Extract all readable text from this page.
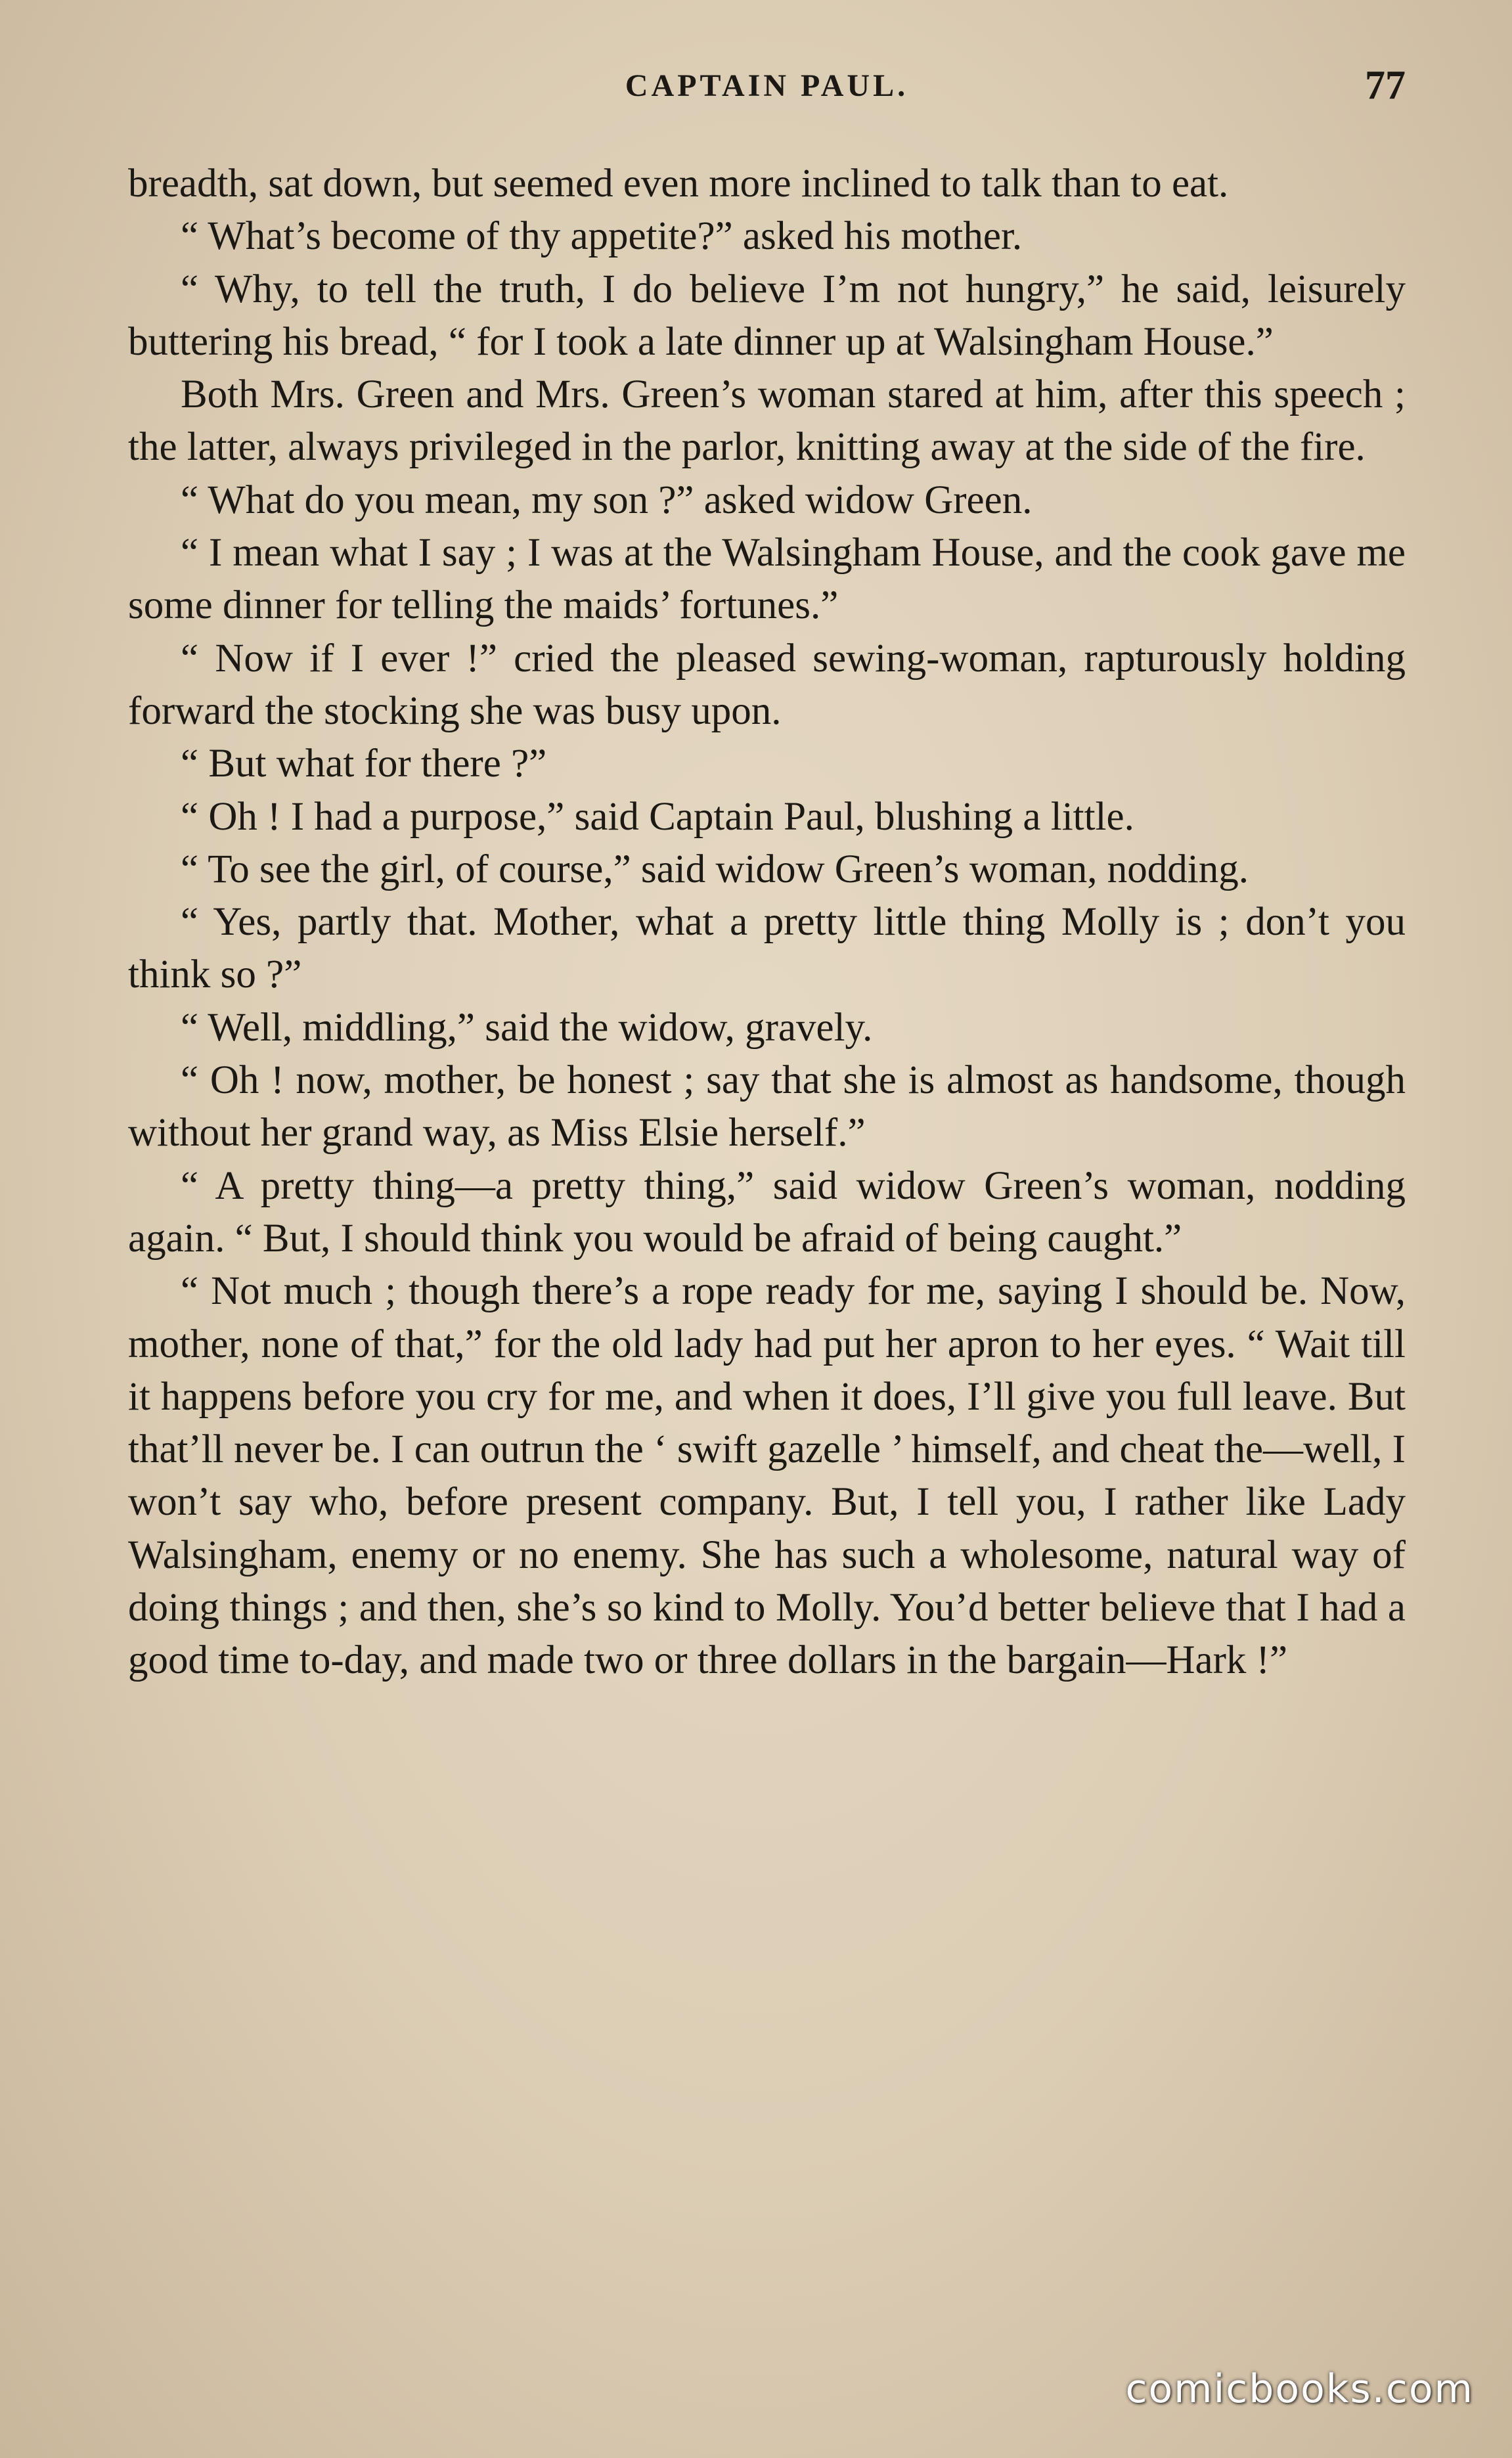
CAPTAIN PAUL.	77

breadth, sat down, but seemed even more inclined to talk than to eat.

“ What’s become of thy appetite?” asked his mother.

“ Why, to tell the truth, I do believe I’m not hungry,” he said, leisurely buttering his bread, “ for I took a late dinner up at Walsingham House.”

Both Mrs. Green and Mrs. Green’s woman stared at him, after this speech ; the latter, always privileged in the parlor, knitting away at the side of the fire.

“ What do you mean, my son ?” asked widow Green.

“ I mean what I say ; I was at the Walsingham House, and the cook gave me some dinner for telling the maids’ fortunes.”

“ Now if I ever !” cried the pleased sewing-woman, rapturously holding forward the stocking she was busy upon.

“ But what for there ?”

“ Oh ! I had a purpose,” said Captain Paul, blushing a little.

“ To see the girl, of course,” said widow Green’s woman, nodding.

“ Yes, partly that. Mother, what a pretty little thing Molly is ; don’t you think so ?”

“ Well, middling,” said the widow, gravely.

“ Oh ! now, mother, be honest ; say that she is almost as handsome, though without her grand way, as Miss Elsie herself.”

“ A pretty thing—a pretty thing,” said widow Green’s woman, nodding again. “ But, I should think you would be afraid of being caught.”

“ Not much ; though there’s a rope ready for me, saying I should be. Now, mother, none of that,” for the old lady had put her apron to her eyes. “ Wait till it happens before you cry for me, and when it does, I’ll give you full leave. But that’ll never be. I can outrun the ‘ swift gazelle ’ himself, and cheat the—well, I won’t say who, before present company. But, I tell you, I rather like Lady Walsingham, enemy or no enemy. She has such a wholesome, natural way of doing things ; and then, she’s so kind to Molly. You’d better believe that I had a good time to-day, and made two or three dollars in the bargain—Hark !”

comicbooks.com
